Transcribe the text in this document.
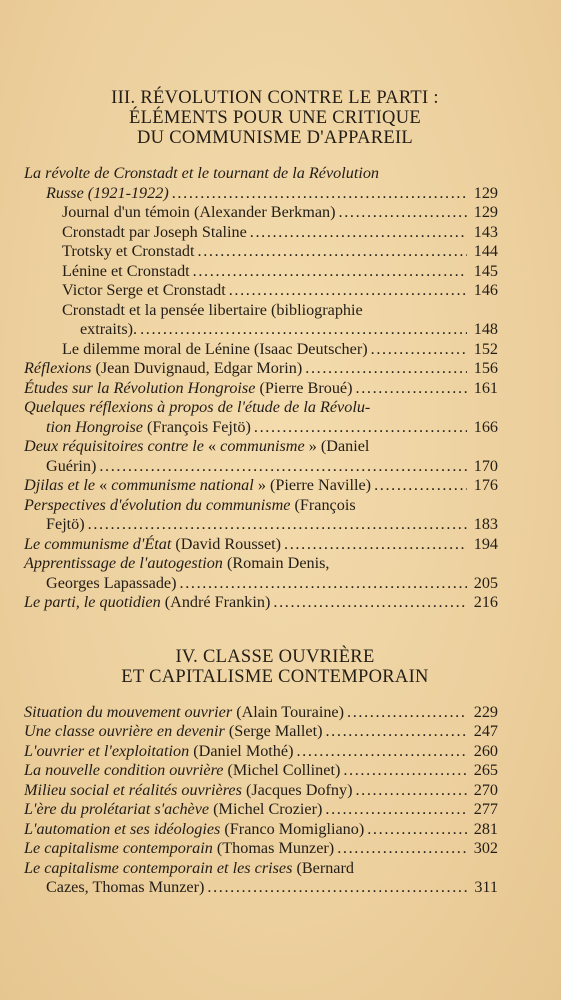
III. RÉVOLUTION CONTRE LE PARTI :
ÉLÉMENTS POUR UNE CRITIQUE
DU COMMUNISME D'APPAREIL
La révolte de Cronstadt et le tournant de la Révolution
Russe (1921-1922) . . .	129
Journal d'un témoin (Alexander Berkman) . . .	129
Cronstadt par Joseph Staline . . .	143
Trotsky et Cronstadt . . .	144
Lénine et Cronstadt . . .	145
Victor Serge et Cronstadt . . .	146
Cronstadt et la pensée libertaire (bibliographie
extraits). . . .	148
Le dilemme moral de Lénine (Isaac Deutscher) . . .	152
Réflexions (Jean Duvignaud, Edgar Morin) . . .	156
Études sur la Révolution Hongroise (Pierre Broué) . . .	161
Quelques réflexions à propos de l'étude de la Révolu-
tion Hongroise (François Fejtö) . . .	166
Deux réquisitoires contre le « communisme » (Daniel
Guérin) . . .	170
Djilas et le « communisme national » (Pierre Naville) . . .	176
Perspectives d'évolution du communisme (François
Fejtö) . . .	183
Le communisme d'État (David Rousset) . . .	194
Apprentissage de l'autogestion (Romain Denis,
Georges Lapassade) . . .	205
Le parti, le quotidien (André Frankin) . . .	216
IV. CLASSE OUVRIÈRE
ET CAPITALISME CONTEMPORAIN
Situation du mouvement ouvrier (Alain Touraine) . . .	229
Une classe ouvrière en devenir (Serge Mallet) . . .	247
L'ouvrier et l'exploitation (Daniel Mothé) . . .	260
La nouvelle condition ouvrière (Michel Collinet) . . .	265
Milieu social et réalités ouvrières (Jacques Dofny) . . .	270
L'ère du prolétariat s'achève (Michel Crozier) . . .	277
L'automation et ses idéologies (Franco Momigliano) . . .	281
Le capitalisme contemporain (Thomas Munzer) . . .	302
Le capitalisme contemporain et les crises (Bernard
Cazes, Thomas Munzer) . . .	311
